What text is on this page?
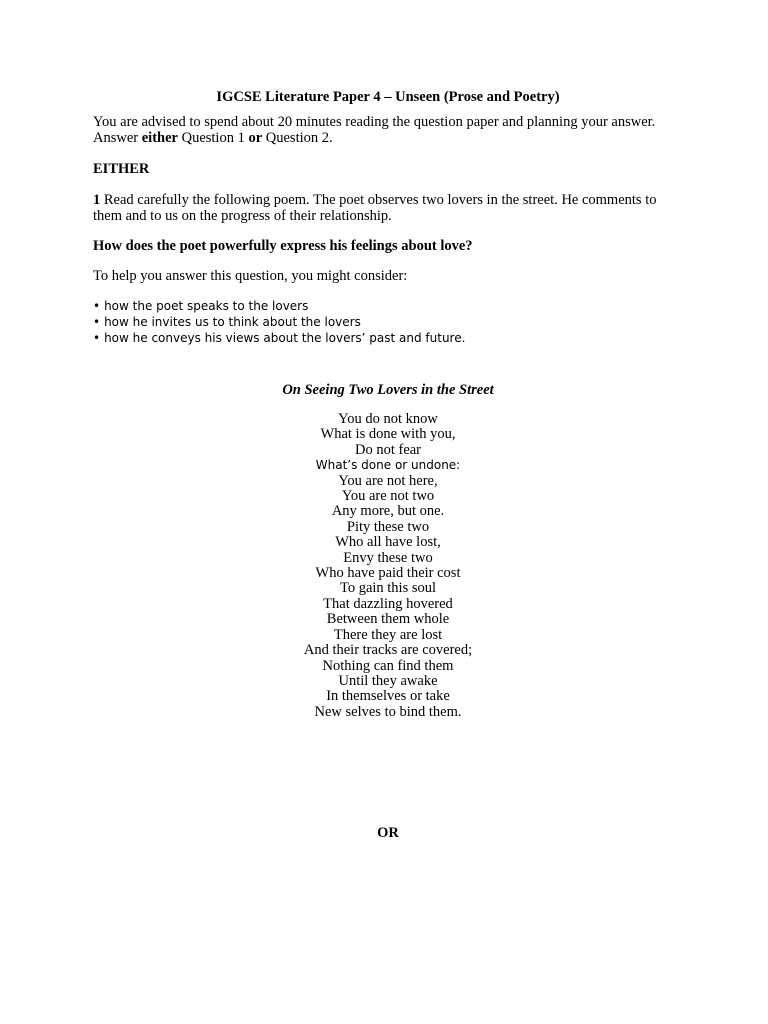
IGCSE Literature Paper 4 – Unseen (Prose and Poetry)
You are advised to spend about 20 minutes reading the question paper and planning your answer.
Answer either Question 1 or Question 2.
EITHER
1 Read carefully the following poem. The poet observes two lovers in the street. He comments to them and to us on the progress of their relationship.
How does the poet powerfully express his feelings about love?
To help you answer this question, you might consider:
• how the poet speaks to the lovers
• how he invites us to think about the lovers
• how he conveys his views about the lovers’ past and future.
On Seeing Two Lovers in the Street
You do not know
What is done with you,
Do not fear
What’s done or undone:
You are not here,
You are not two
Any more, but one.
Pity these two
Who all have lost,
Envy these two
Who have paid their cost
To gain this soul
That dazzling hovered
Between them whole
There they are lost
And their tracks are covered;
Nothing can find them
Until they awake
In themselves or take
New selves to bind them.
OR
